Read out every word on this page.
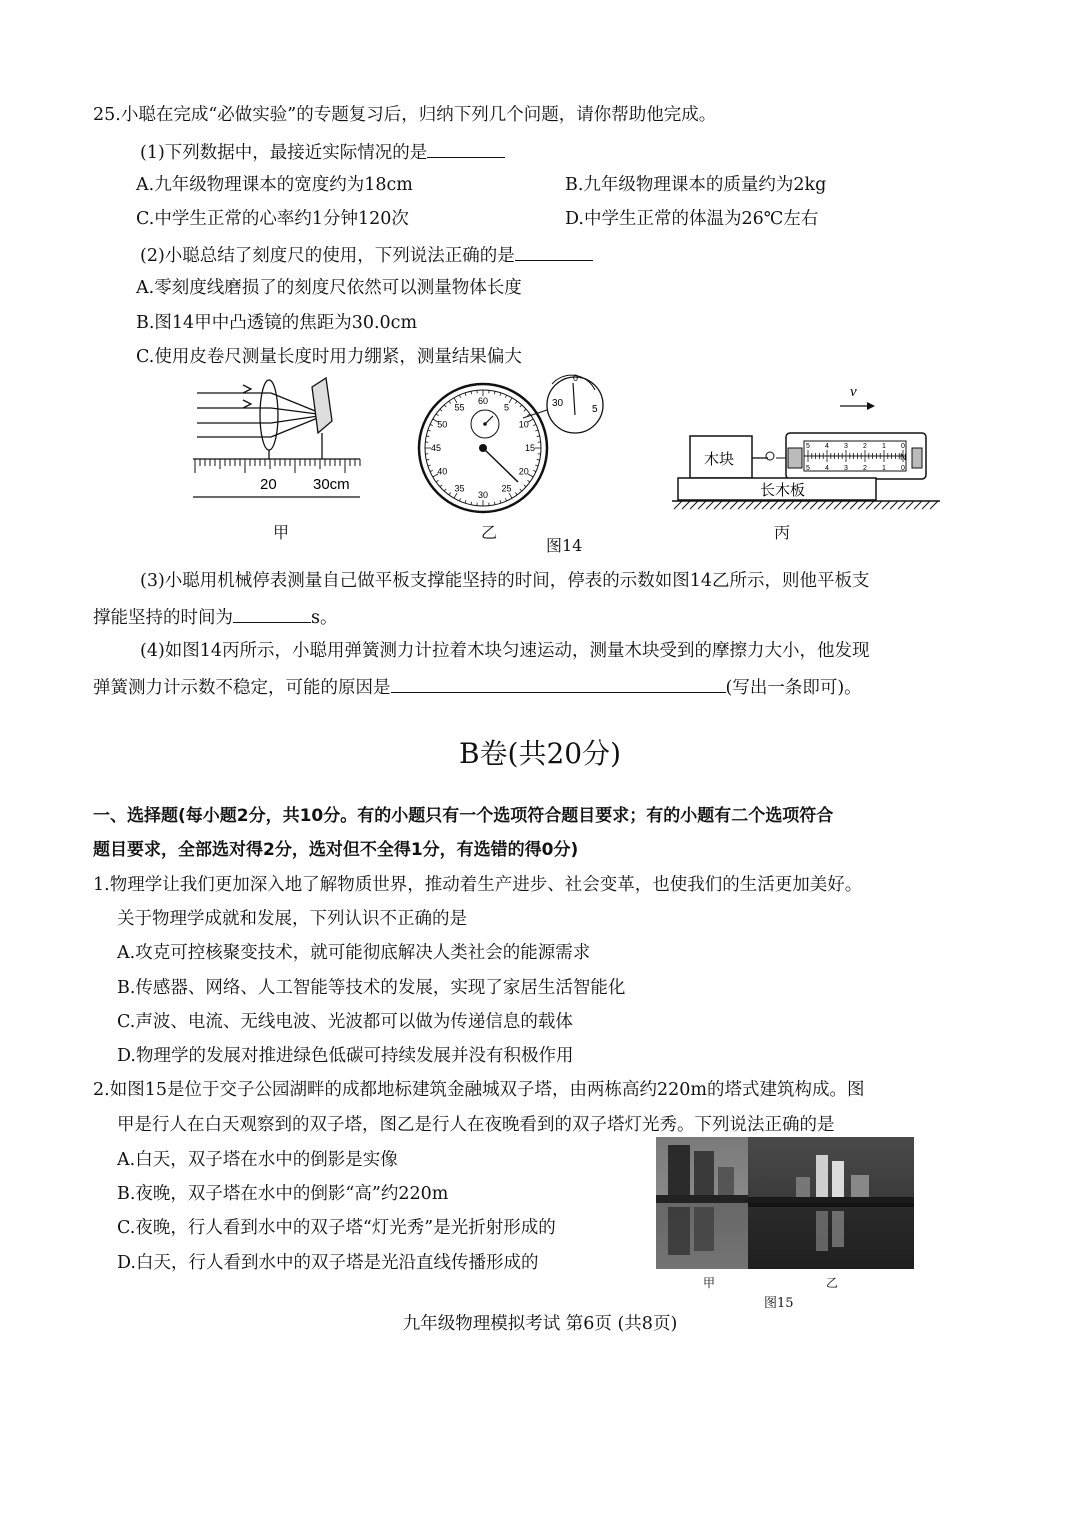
25.小聪在完成“必做实验”的专题复习后，归纳下列几个问题，请你帮助他完成。
(1)下列数据中，最接近实际情况的是
A.九年级物理课本的宽度约为18cm	B.九年级物理课本的质量约为2kg
C.中学生正常的心率约1分钟120次	D.中学生正常的体温为26℃左右
(2)小聪总结了刻度尺的使用，下列说法正确的是
A.零刻度线磨损了的刻度尺依然可以测量物体长度
B.图14甲中凸透镜的焦距为30.0cm
C.使用皮卷尺测量长度时用力绷紧，测量结果偏大
20 30cm
甲
60
5
10
15
20
25
30
35
40
45
50
55	30
0
5
乙
图14
v
木块
5 4 3 2 1 0
5 4 3 2 1 0
N
长木板
丙
(3)小聪用机械停表测量自己做平板支撑能坚持的时间，停表的示数如图14乙所示，则他平板支
撑能坚持的时间为	s。
(4)如图14丙所示，小聪用弹簧测力计拉着木块匀速运动，测量木块受到的摩擦力大小，他发现
弹簧测力计示数不稳定，可能的原因是	(写出一条即可)。
B卷(共20分)
一、选择题(每小题2分，共10分。有的小题只有一个选项符合题目要求；有的小题有二个选项符合
题目要求，全部选对得2分，选对但不全得1分，有选错的得0分)
1.物理学让我们更加深入地了解物质世界，推动着生产进步、社会变革，也使我们的生活更加美好。
关于物理学成就和发展，下列认识不正确的是
A.攻克可控核聚变技术，就可能彻底解决人类社会的能源需求
B.传感器、网络、人工智能等技术的发展，实现了家居生活智能化
C.声波、电流、无线电波、光波都可以做为传递信息的载体
D.物理学的发展对推进绿色低碳可持续发展并没有积极作用
2.如图15是位于交子公园湖畔的成都地标建筑金融城双子塔，由两栋高约220m的塔式建筑构成。图
甲是行人在白天观察到的双子塔，图乙是行人在夜晚看到的双子塔灯光秀。下列说法正确的是
A.白天，双子塔在水中的倒影是实像
B.夜晚，双子塔在水中的倒影“高”约220m
C.夜晚，行人看到水中的双子塔“灯光秀”是光折射形成的
D.白天，行人看到水中的双子塔是光沿直线传播形成的
甲	乙
图15
九年级物理模拟考试 第6页 (共8页)
